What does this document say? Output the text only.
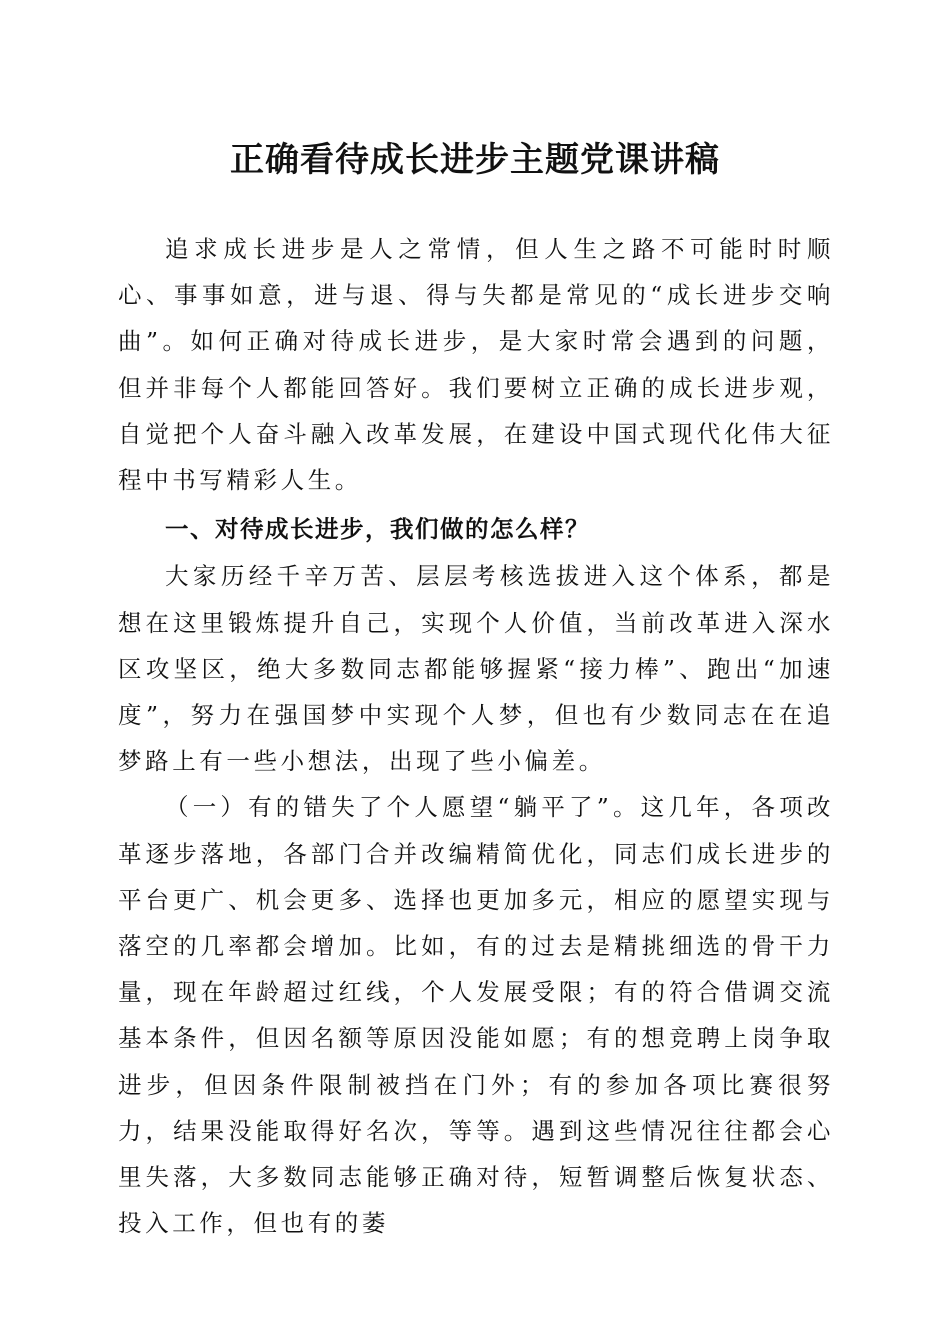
正确看待成长进步主题党课讲稿

追求成长进步是人之常情，但人生之路不可能时时顺心、事事如意，进与退、得与失都是常见的“成长进步交响曲”。如何正确对待成长进步，是大家时常会遇到的问题，但并非每个人都能回答好。我们要树立正确的成长进步观，自觉把个人奋斗融入改革发展，在建设中国式现代化伟大征程中书写精彩人生。

一、对待成长进步，我们做的怎么样？

大家历经千辛万苦、层层考核选拔进入这个体系，都是想在这里锻炼提升自己，实现个人价值，当前改革进入深水区攻坚区，绝大多数同志都能够握紧“接力棒”、跑出“加速度”，努力在强国梦中实现个人梦，但也有少数同志在在追梦路上有一些小想法，出现了些小偏差。

（一）有的错失了个人愿望“躺平了”。这几年，各项改革逐步落地，各部门合并改编精简优化，同志们成长进步的平台更广、机会更多、选择也更加多元，相应的愿望实现与落空的几率都会增加。比如，有的过去是精挑细选的骨干力量，现在年龄超过红线，个人发展受限；有的符合借调交流基本条件，但因名额等原因没能如愿；有的想竞聘上岗争取进步，但因条件限制被挡在门外；有的参加各项比赛很努力，结果没能取得好名次，等等。遇到这些情况往往都会心里失落，大多数同志能够正确对待，短暂调整后恢复状态、投入工作，但也有的萎
